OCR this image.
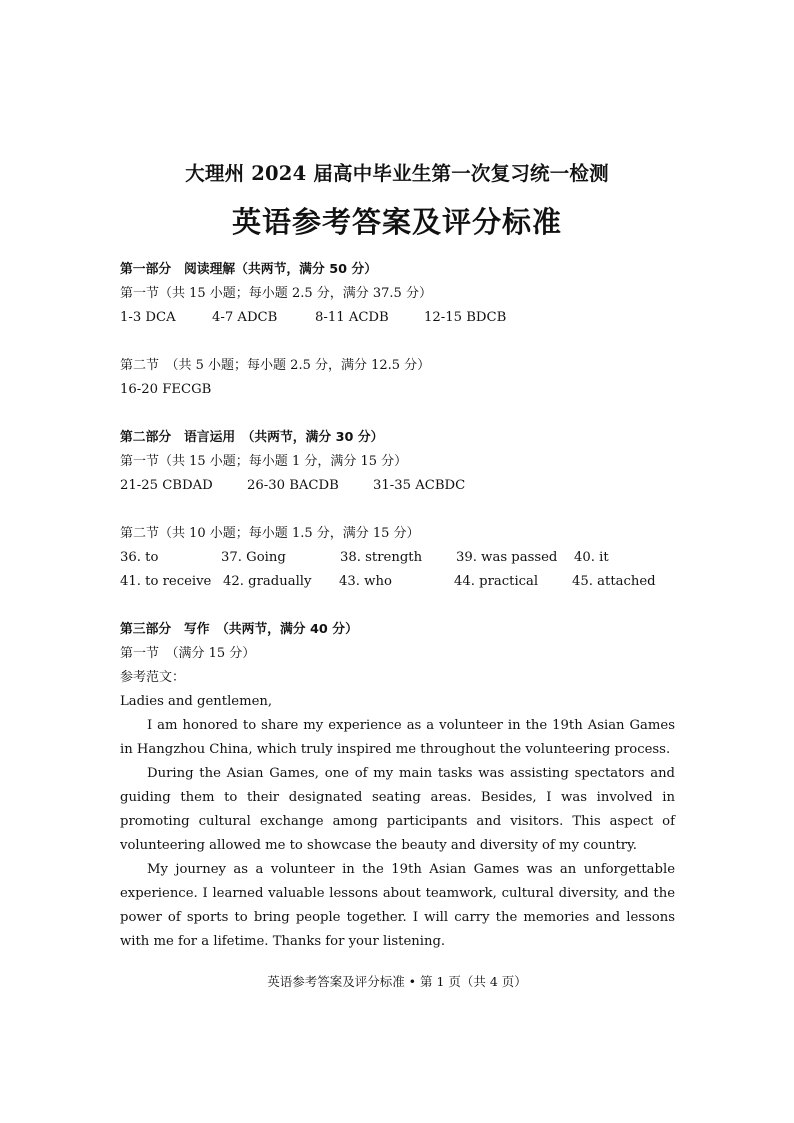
大理州 2024 届高中毕业生第一次复习统一检测
英语参考答案及评分标准
第一部分　阅读理解（共两节，满分 50 分）
第一节（共 15 小题；每小题 2.5 分，满分 37.5 分）
1-3 DCA	4-7 ADCB	8-11 ACDB	12-15 BDCB
第二节　（共 5 小题；每小题 2.5 分，满分 12.5 分）
16-20 FECGB
第二部分　语言运用　（共两节，满分 30 分）
第一节（共 15 小题；每小题 1 分，满分 15 分）
21-25 CBDAD	26-30 BACDB	31-35 ACBDC
第二节（共 10 小题；每小题 1.5 分，满分 15 分）
36. to	37. Going	38. strength	39. was passed 40. it
41. to receive 42. gradually 43. who	44. practical	45. attached
第三部分　写作　（共两节，满分 40 分）
第一节　（满分 15 分）
参考范文：
Ladies and gentlemen,

I am honored to share my experience as a volunteer in the 19th Asian Games in Hangzhou China, which truly inspired me throughout the volunteering process.

During the Asian Games, one of my main tasks was assisting spectators and guiding them to their designated seating areas. Besides, I was involved in promoting cultural exchange among participants and visitors. This aspect of volunteering allowed me to showcase the beauty and diversity of my country.

My journey as a volunteer in the 19th Asian Games was an unforgettable experience. I learned valuable lessons about teamwork, cultural diversity, and the power of sports to bring people together. I will carry the memories and lessons with me for a lifetime. Thanks for your listening.

英语参考答案及评分标准 • 第 1 页（共 4 页）
